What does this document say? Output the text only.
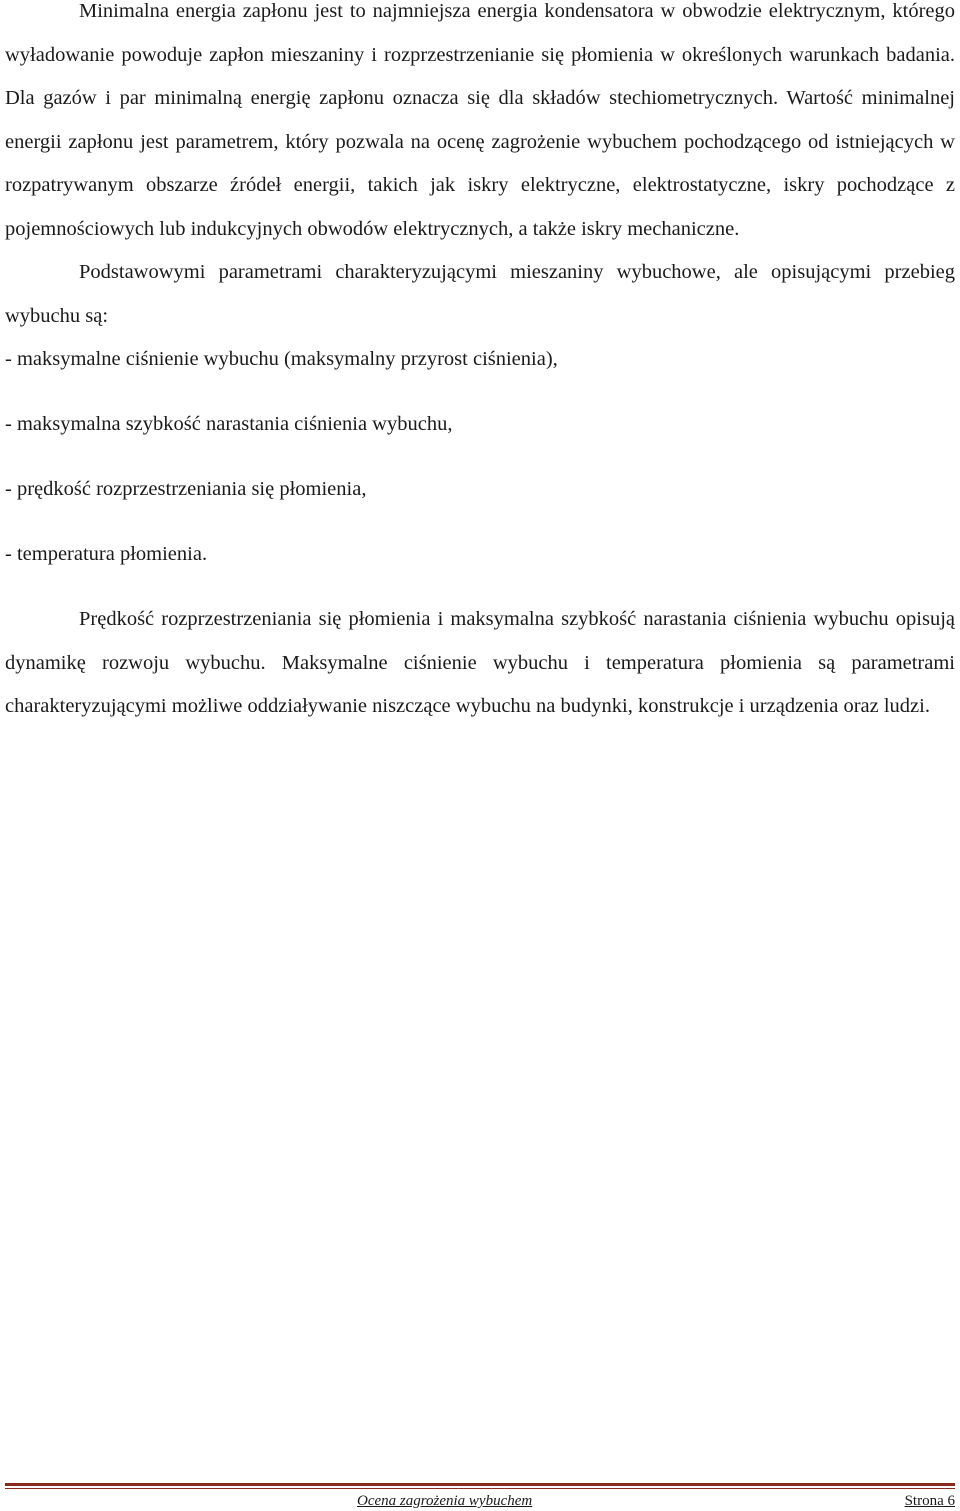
Minimalna energia zapłonu jest to najmniejsza energia kondensatora w obwodzie elektrycznym, którego wyładowanie powoduje zapłon mieszaniny i rozprzestrzenianie się płomienia w określonych warunkach badania. Dla gazów i par minimalną energię zapłonu oznacza się dla składów stechiometrycznych. Wartość minimalnej energii zapłonu jest parametrem, który pozwala na ocenę zagrożenie wybuchem pochodzącego od istniejących w rozpatrywanym obszarze źródeł energii, takich jak iskry elektryczne, elektrostatyczne, iskry pochodzące z pojemnościowych lub indukcyjnych obwodów elektrycznych, a także iskry mechaniczne.

Podstawowymi parametrami charakteryzującymi mieszaniny wybuchowe, ale opisującymi przebieg wybuchu są:

- maksymalne ciśnienie wybuchu (maksymalny przyrost ciśnienia),
- maksymalna szybkość narastania ciśnienia wybuchu,
- prędkość rozprzestrzeniania się płomienia,
- temperatura płomienia.

Prędkość rozprzestrzeniania się płomienia i maksymalna szybkość narastania ciśnienia wybuchu opisują dynamikę rozwoju wybuchu. Maksymalne ciśnienie wybuchu i temperatura płomienia są parametrami charakteryzującymi możliwe oddziaływanie niszczące wybuchu na budynki, konstrukcje i urządzenia oraz ludzi.

Ocena zagrożenia wybuchem	Strona 6
